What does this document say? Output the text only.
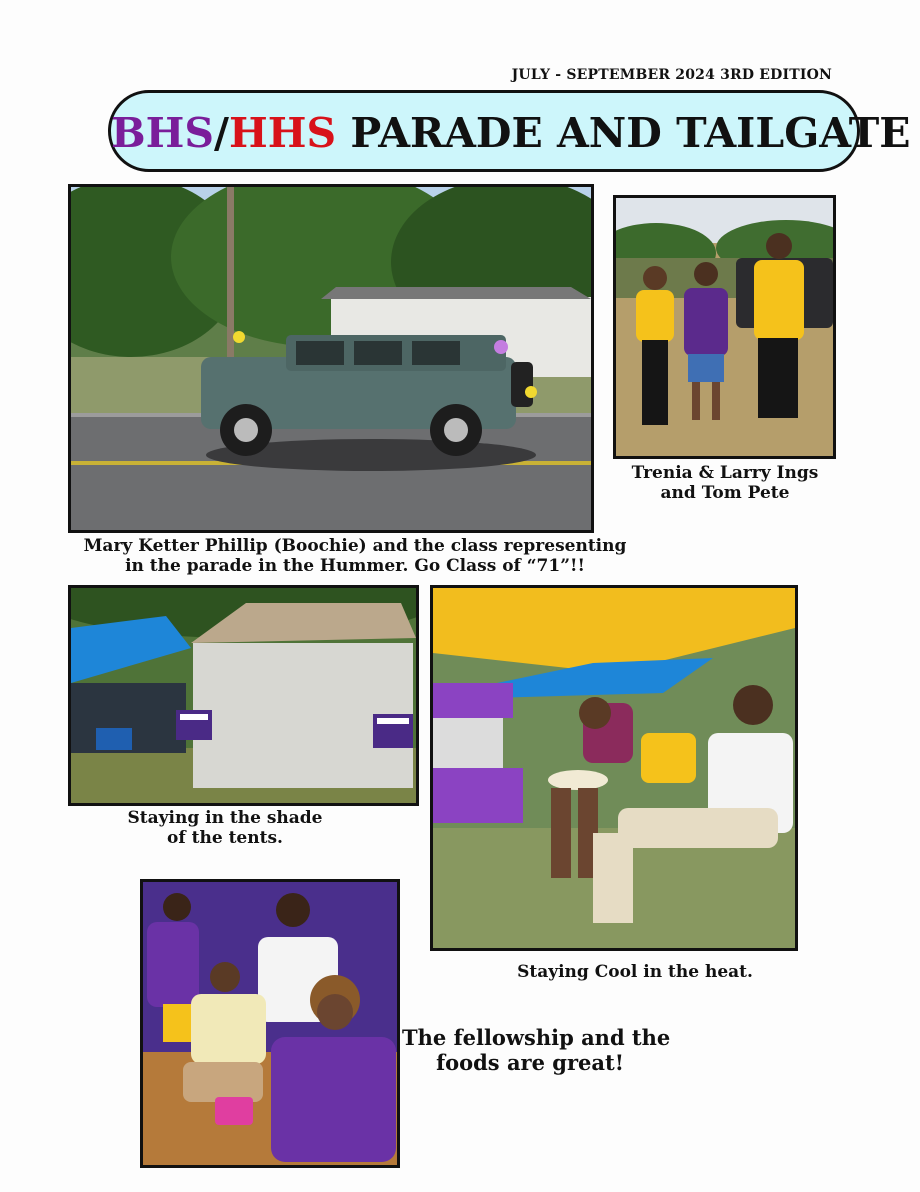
JULY - SEPTEMBER 2024 3RD EDITION
BHS/HHS PARADE AND TAILGATE
Mary Ketter Phillip (Boochie) and the class representing
in the parade in the Hummer. Go Class of “71”!!
Trenia & Larry Ings
and Tom Pete
Staying in the shade
of the tents.
Staying Cool in the heat.
The fellowship and the
foods are great!
